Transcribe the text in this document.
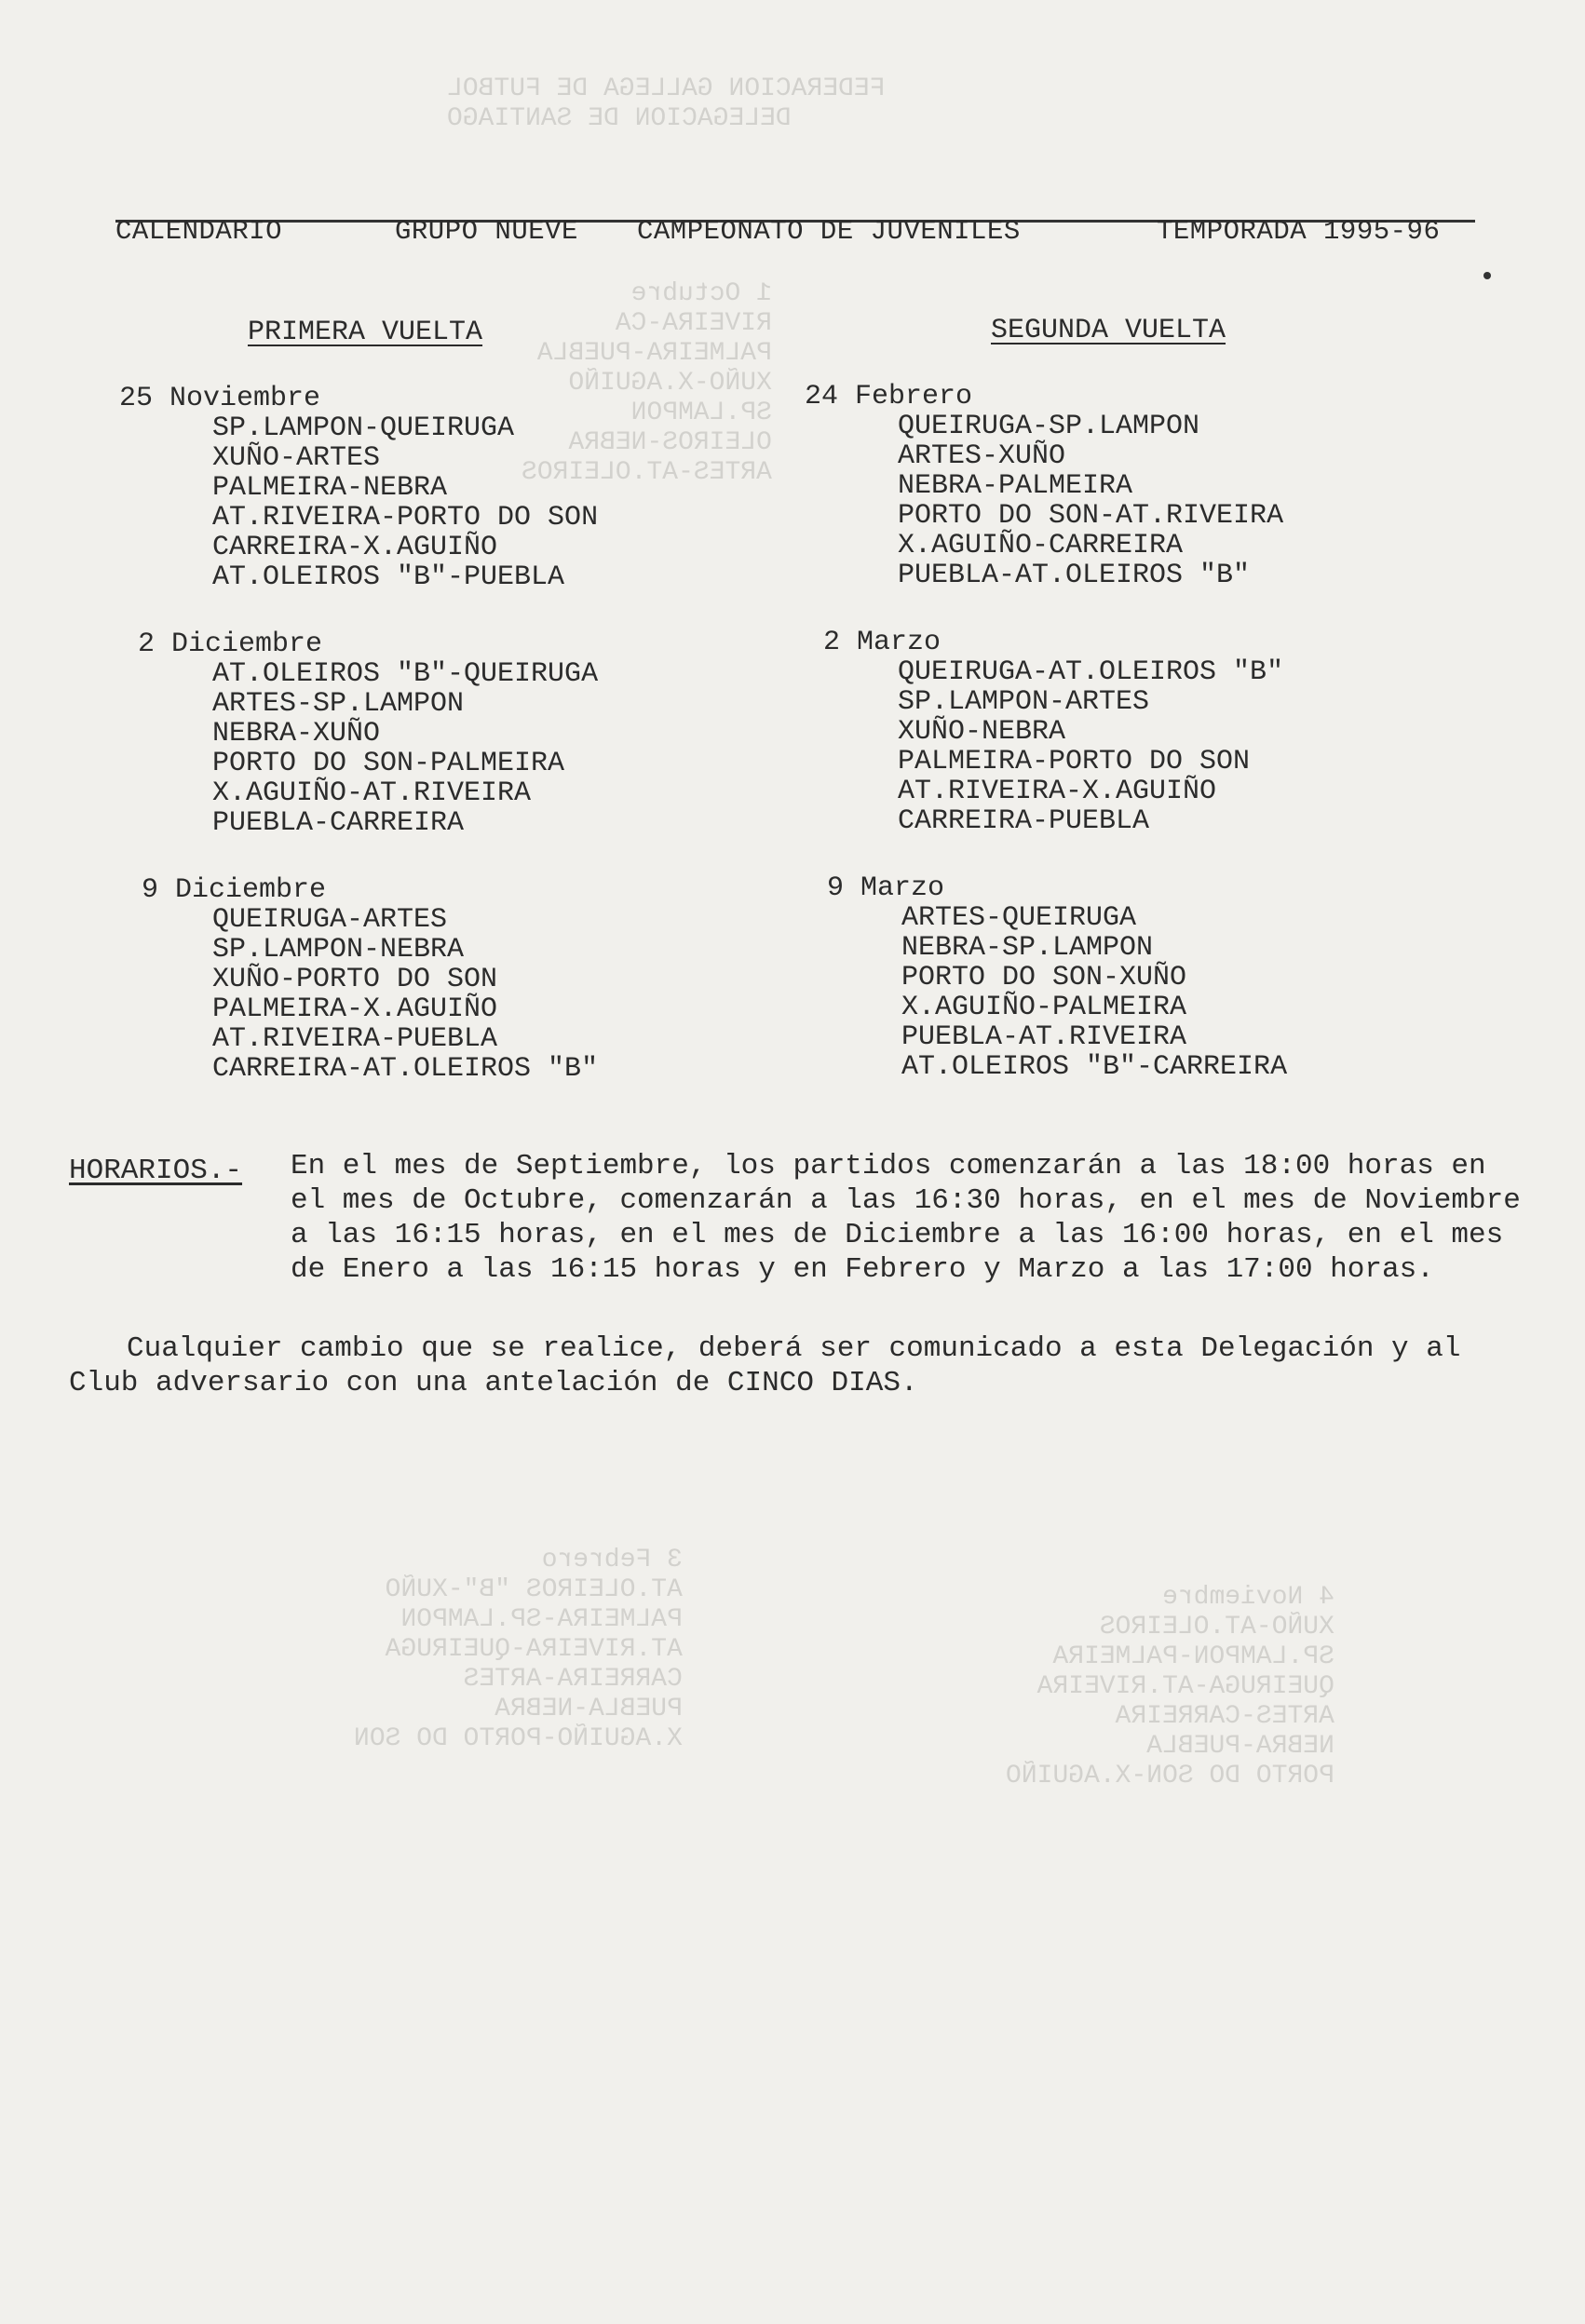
FEDERACION GALLEGA DE FUTBOL
DELEGACION DE SANTIAGO
1 Octubre
RIVEIRA-CA
PALMEIRA-PUEBLA
XUÑO-X.AGUIÑO
SP.LAMPON
OLEIROS-NEBRA
ARTES-AT.OLEIROS
3 Febrero
AT.OLEIROS "B"-XUÑO
PALMEIRA-SP.LAMPON
AT.RIVEIRA-QUEIRUGA
CARREIRA-ARTES
PUEBLA-NEBRA
X.AGUIÑO-PORTO DO SON
4 Noviembre
XUÑO-AT.OLEIROS
SP.LAMPON-PALMEIRA
QUEIRUGA-AT.RIVEIRA
ARTES-CARREIRA
NEBRA-PUEBLA
PORTO DO SON-X.AGUIÑO
CALENDARIO	GRUPO NUEVE CAMPEONATO DE JUVENILES	TEMPORADA 1995-96
PRIMERA VUELTA	SEGUNDA VUELTA
25 Noviembre
SP.LAMPON-QUEIRUGA
XUÑO-ARTES
PALMEIRA-NEBRA
AT.RIVEIRA-PORTO DO SON
CARREIRA-X.AGUIÑO
AT.OLEIROS "B"-PUEBLA
2 Diciembre
AT.OLEIROS "B"-QUEIRUGA
ARTES-SP.LAMPON
NEBRA-XUÑO
PORTO DO SON-PALMEIRA
X.AGUIÑO-AT.RIVEIRA
PUEBLA-CARREIRA
9 Diciembre
QUEIRUGA-ARTES
SP.LAMPON-NEBRA
XUÑO-PORTO DO SON
PALMEIRA-X.AGUIÑO
AT.RIVEIRA-PUEBLA
CARREIRA-AT.OLEIROS "B"
24 Febrero
QUEIRUGA-SP.LAMPON
ARTES-XUÑO
NEBRA-PALMEIRA
PORTO DO SON-AT.RIVEIRA
X.AGUIÑO-CARREIRA
PUEBLA-AT.OLEIROS "B"
2 Marzo
QUEIRUGA-AT.OLEIROS "B"
SP.LAMPON-ARTES
XUÑO-NEBRA
PALMEIRA-PORTO DO SON
AT.RIVEIRA-X.AGUIÑO
CARREIRA-PUEBLA
9 Marzo
ARTES-QUEIRUGA
NEBRA-SP.LAMPON
PORTO DO SON-XUÑO
X.AGUIÑO-PALMEIRA
PUEBLA-AT.RIVEIRA
AT.OLEIROS "B"-CARREIRA
HORARIOS.- En el mes de Septiembre, los partidos comenzarán a las 18:00 horas en el mes de Octubre, comenzarán a las 16:30 horas, en el mes de Noviembre a las 16:15 horas, en el mes de Diciembre a las 16:00 horas, en el mes de Enero a las 16:15 horas y en Febrero y Marzo a las 17:00 horas.
Cualquier cambio que se realice, deberá ser comunicado a esta Delegación y al Club adversario con una antelación de CINCO DIAS.
